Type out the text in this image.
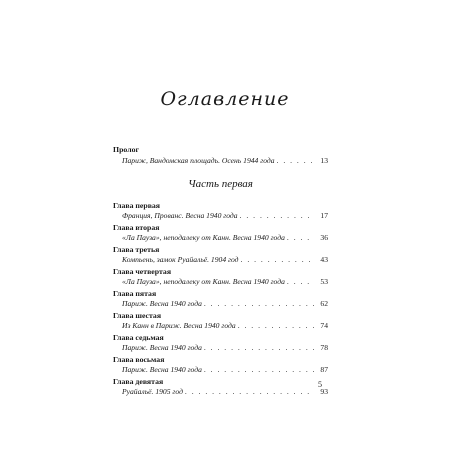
Оглавление
Пролог
Париж, Вандомская площадь. Осень 1944 года . . .	13
Часть первая
Глава первая
Франция, Прованс. Весна 1940 года . . .	17
Глава вторая
«Ла Пауза», неподалеку от Канн. Весна 1940 года . . .	36
Глава третья
Компьень, замок Руайальё. 1904 год . . .	43
Глава четвертая
«Ла Пауза», неподалеку от Канн. Весна 1940 года . . .	53
Глава пятая
Париж. Весна 1940 года . . .	62
Глава шестая
Из Канн в Париж. Весна 1940 года . . .	74
Глава седьмая
Париж. Весна 1940 года . . .	78
Глава восьмая
Париж. Весна 1940 года . . .	87
Глава девятая
Руайальё. 1905 год . . .	93
5
